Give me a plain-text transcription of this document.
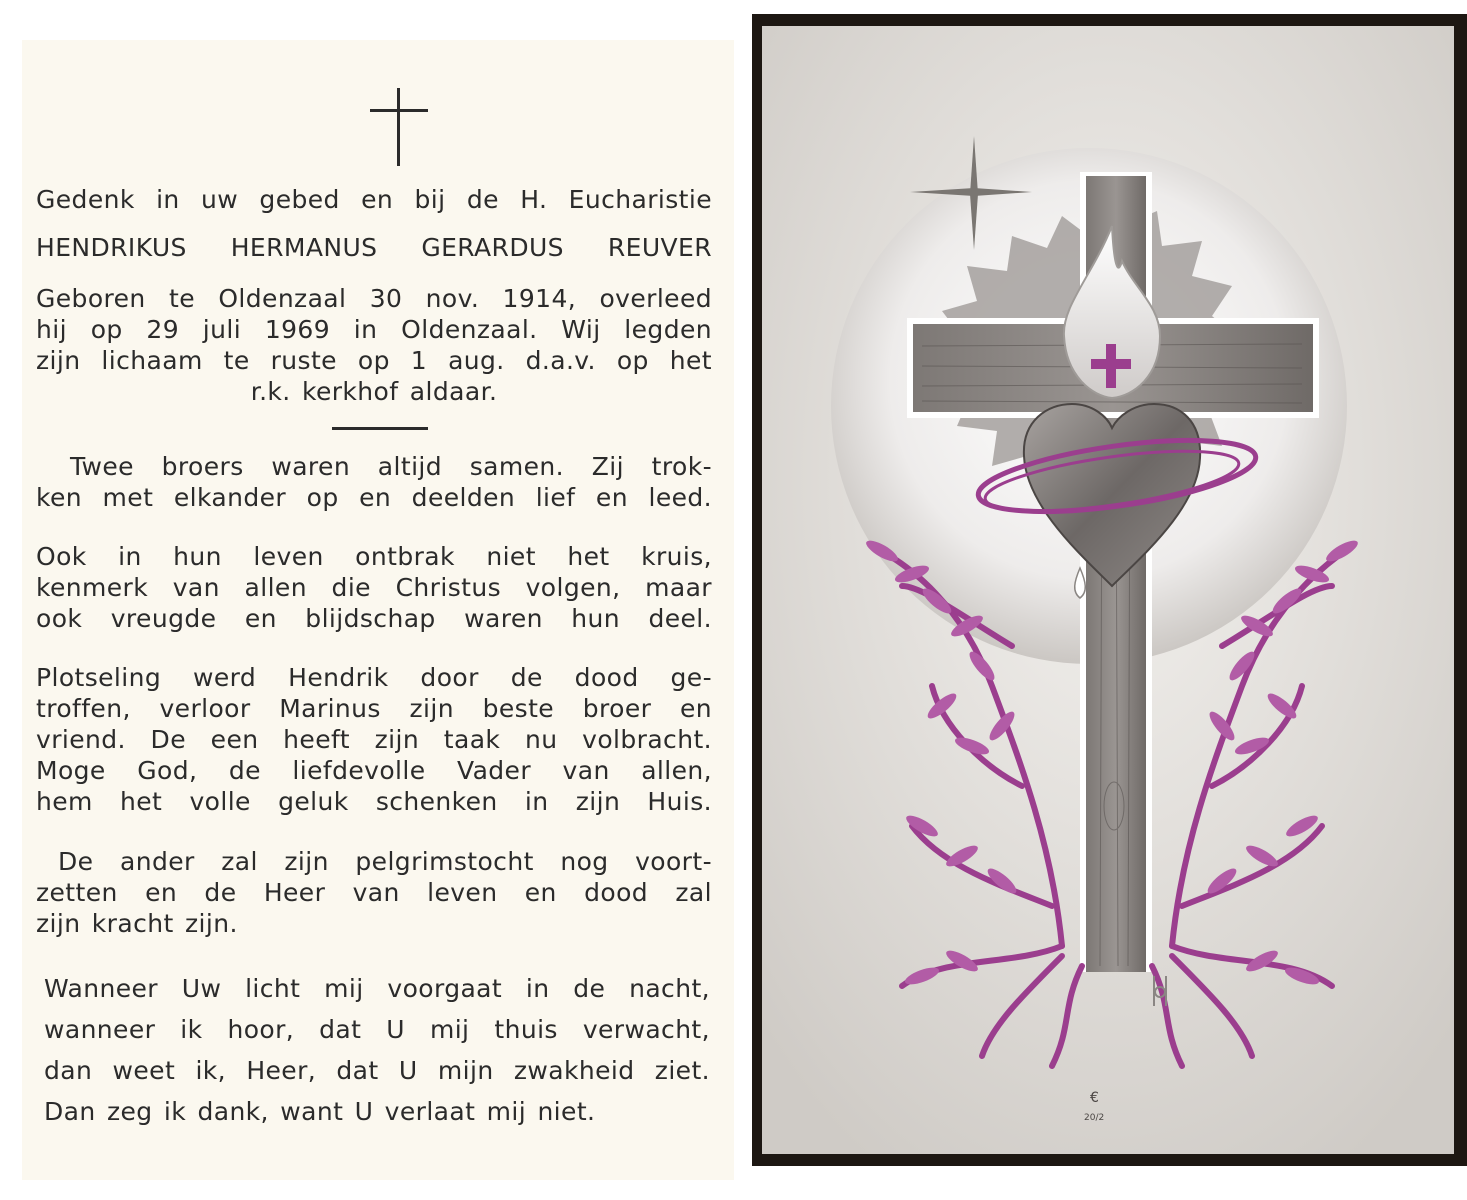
Gedenk in uw gebed en bij de H. Eucharistie
HENDRIKUS HERMANUS GERARDUS REUVER
Geboren te Oldenzaal 30 nov. 1914, overleed
hij op 29 juli 1969 in Oldenzaal. Wij legden
zijn lichaam te ruste op 1 aug. d.a.v. op het
r.k. kerkhof aldaar.
Twee broers waren altijd samen. Zij trok-
ken met elkander op en deelden lief en leed.
Ook in hun leven ontbrak niet het kruis,
kenmerk van allen die Christus volgen, maar
ook vreugde en blijdschap waren hun deel.
Plotseling werd Hendrik door de dood ge-
troffen, verloor Marinus zijn beste broer en
vriend. De een heeft zijn taak nu volbracht.
Moge God, de liefdevolle Vader van allen,
hem het volle geluk schenken in zijn Huis.
De ander zal zijn pelgrimstocht nog voort-
zetten en de Heer van leven en dood zal
zijn kracht zijn.
Wanneer Uw licht mij voorgaat in de nacht,
wanneer ik hoor, dat U mij thuis verwacht,
dan weet ik, Heer, dat U mijn zwakheid ziet.
Dan zeg ik dank, want U verlaat mij niet.	€
20/2
